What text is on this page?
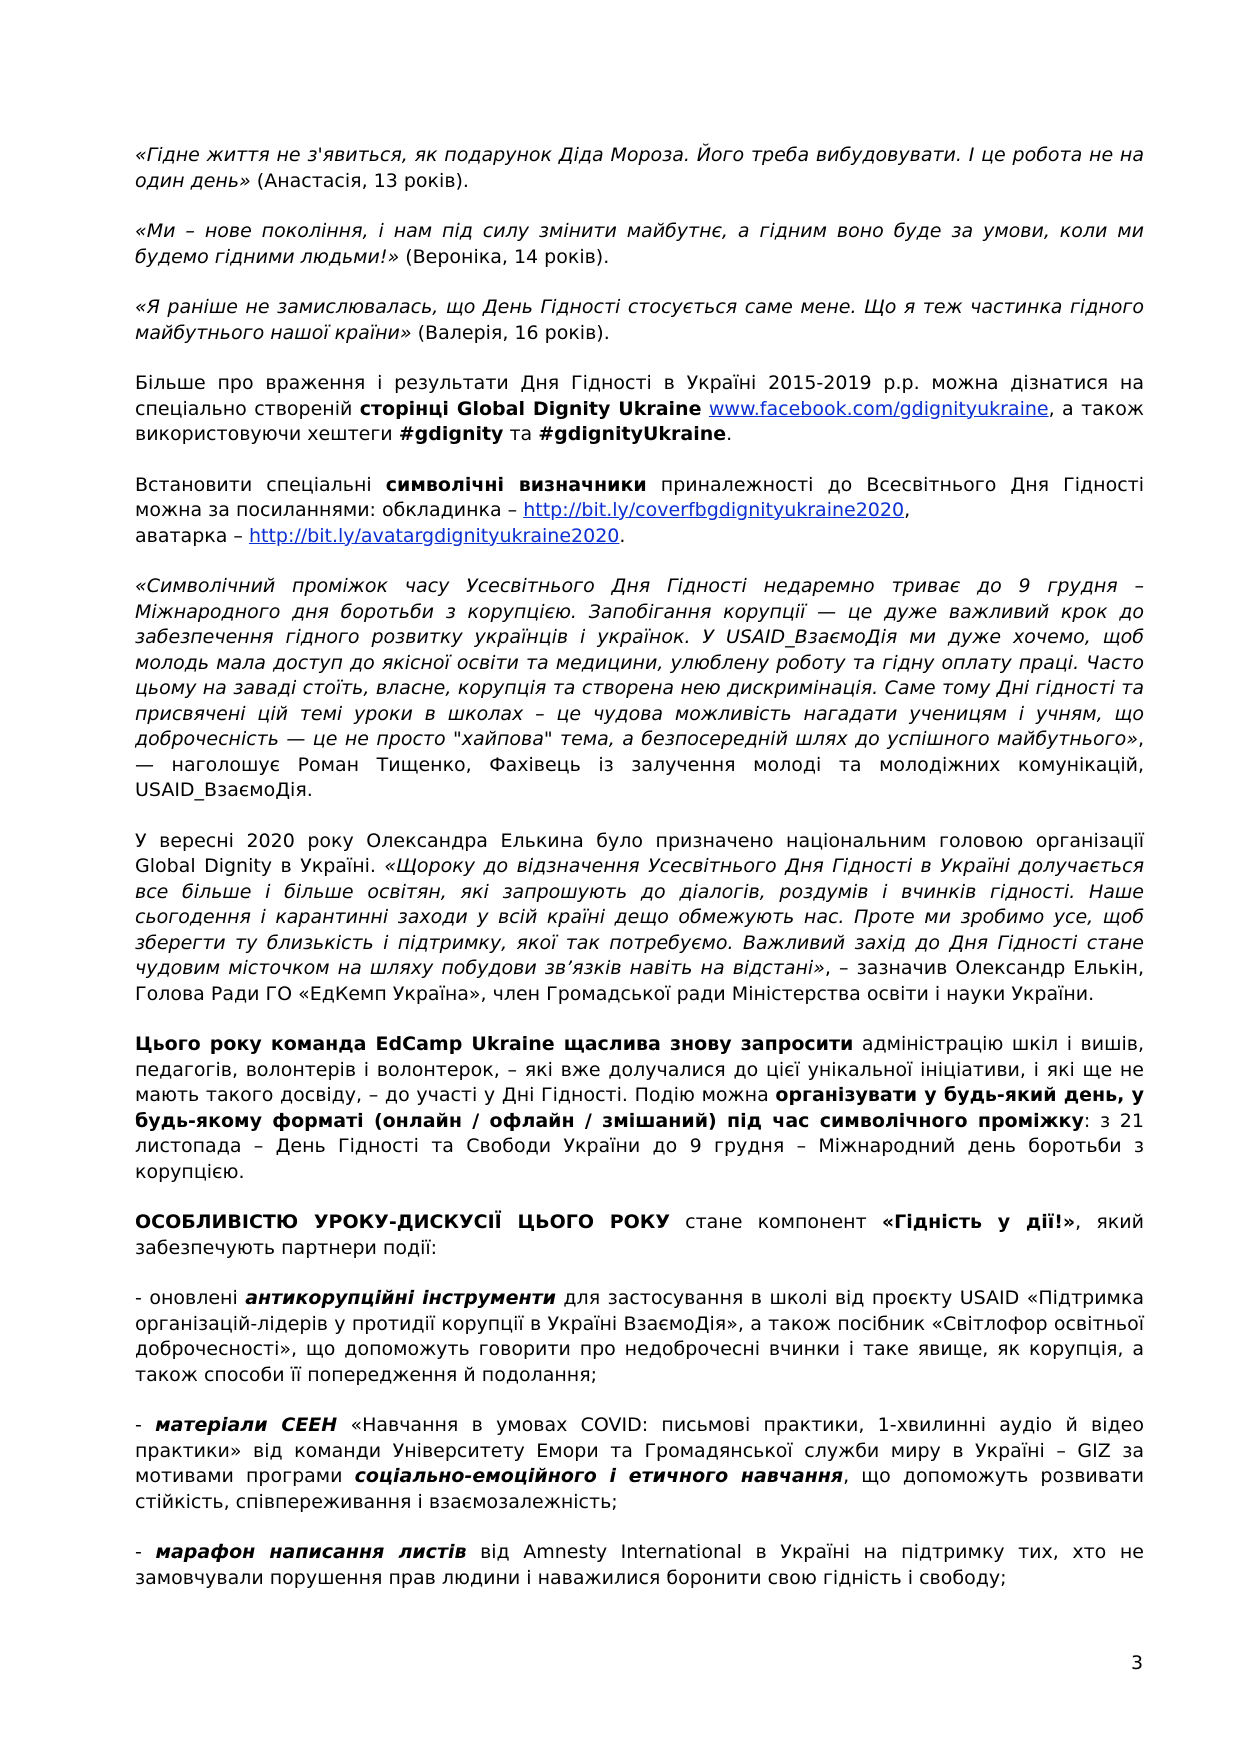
«Гідне життя не з'явиться, як подарунок Діда Мороза. Його треба вибудовувати. І це робота не на один день» (Анастасія, 13 років).

«Ми – нове покоління, і нам під силу змінити майбутнє, а гідним воно буде за умови, коли ми будемо гідними людьми!» (Вероніка, 14 років).

«Я раніше не замислювалась, що День Гідності стосується саме мене. Що я теж частинка гідного майбутнього нашої країни» (Валерія, 16 років).

Більше про враження і результати Дня Гідності в Україні 2015-2019 р.р. можна дізнатися на спеціально створеній сторінці Global Dignity Ukraine www.facebook.com/gdignityukraine, а також використовуючи хештеги #gdignity та #gdignityUkraine.

Встановити спеціальні символічні визначники приналежності до Всесвітнього Дня Гідності можна за посиланнями: обкладинка – http://bit.ly/coverfbgdignityukraine2020,
аватарка – http://bit.ly/avatargdignityukraine2020.

«Символічний проміжок часу Усесвітнього Дня Гідності недаремно триває до 9 грудня – Міжнародного дня боротьби з корупцією. Запобігання корупції — це дуже важливий крок до забезпечення гідного розвитку українців і українок. У USAID_ВзаємоДія ми дуже хочемо, щоб молодь мала доступ до якісної освіти та медицини, улюблену роботу та гідну оплату праці. Часто цьому на заваді стоїть, власне, корупція та створена нею дискримінація. Саме тому Дні гідності та присвячені цій темі уроки в школах – це чудова можливість нагадати ученицям і учням, що доброчесність — це не просто "хайпова" тема, а безпосередній шлях до успішного майбутнього», — наголошує Роман Тищенко, Фахівець із залучення молоді та молодіжних комунікацій, USAID_ВзаємоДія.

У вересні 2020 року Олександра Елькина було призначено національним головою організації Global Dignity в Україні. «Щороку до відзначення Усесвітнього Дня Гідності в Україні долучається все більше і більше освітян, які запрошують до діалогів, роздумів і вчинків гідності. Наше сьогодення і карантинні заходи у всій країні дещо обмежують нас. Проте ми зробимо усе, щоб зберегти ту близькість і підтримку, якої так потребуємо. Важливий захід до Дня Гідності стане чудовим місточком на шляху побудови зв’язків навіть на відстані», – зазначив Олександр Елькін, Голова Ради ГО «ЕдКемп Україна», член Громадської ради Міністерства освіти і науки України.

Цього року команда EdCamp Ukraine щаслива знову запросити адміністрацію шкіл і вишів, педагогів, волонтерів і волонтерок, – які вже долучалися до цієї унікальної ініціативи, і які ще не мають такого досвіду, – до участі у Дні Гідності. Подію можна організувати у будь-який день, у будь-якому форматі (онлайн / офлайн / змішаний) під час символічного проміжку: з 21 листопада – День Гідності та Свободи України до 9 грудня – Міжнародний день боротьби з корупцією.

ОСОБЛИВІСТЮ УРОКУ-ДИСКУСІЇ ЦЬОГО РОКУ стане компонент «Гідність у дії!», який забезпечують партнери події:

- оновлені антикорупційні інструменти для застосування в школі від проєкту USAID «Підтримка організацій-лідерів у протидії корупції в Україні ВзаємоДія», а також посібник «Світлофор освітньої доброчесності», що допоможуть говорити про недоброчесні вчинки і таке явище, як корупція, а також способи її попередження й подолання;

- матеріали СЕЕН «Навчання в умовах COVID: письмові практики, 1-хвилинні аудіо й відео практики» від команди Університету Емори та Громадянської служби миру в Україні – GIZ за мотивами програми соціально-емоційного і етичного навчання, що допоможуть розвивати стійкість, співпереживання і взаємозалежність;

- марафон написання листів від Amnesty International в Україні на підтримку тих, хто не замовчували порушення прав людини і наважилися боронити свою гідність і свободу;

3
